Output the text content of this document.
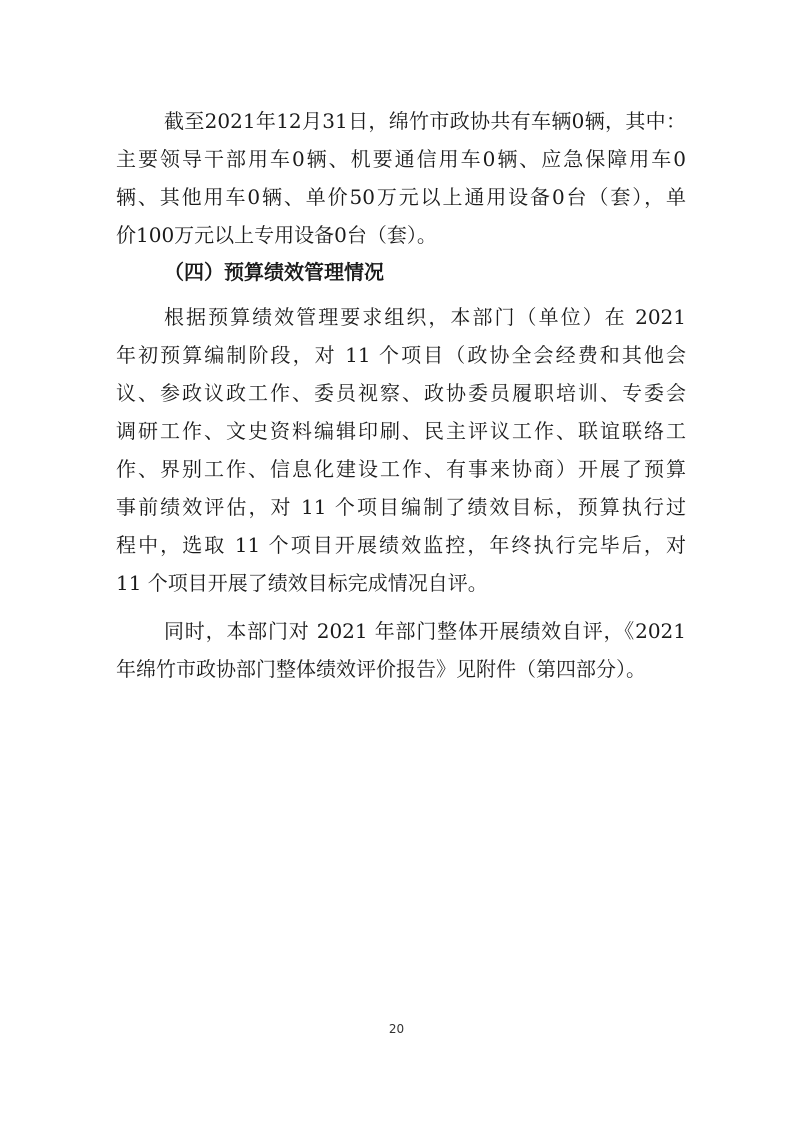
截至2021年12月31日，绵竹市政协共有车辆0辆，其中：
主要领导干部用车0辆、机要通信用车0辆、应急保障用车0
辆、其他用车0辆、单价50万元以上通用设备0台（套），单
价100万元以上专用设备0台（套）。
（四）预算绩效管理情况
根据预算绩效管理要求组织，本部门（单位）在 2021
年初预算编制阶段，对 11 个项目（政协全会经费和其他会
议、参政议政工作、委员视察、政协委员履职培训、专委会
调研工作、文史资料编辑印刷、民主评议工作、联谊联络工
作、界别工作、信息化建设工作、有事来协商）开展了预算
事前绩效评估，对 11 个项目编制了绩效目标，预算执行过
程中，选取 11 个项目开展绩效监控，年终执行完毕后，对
11 个项目开展了绩效目标完成情况自评。
同时，本部门对 2021 年部门整体开展绩效自评，《2021
年绵竹市政协部门整体绩效评价报告》见附件（第四部分）。
20
